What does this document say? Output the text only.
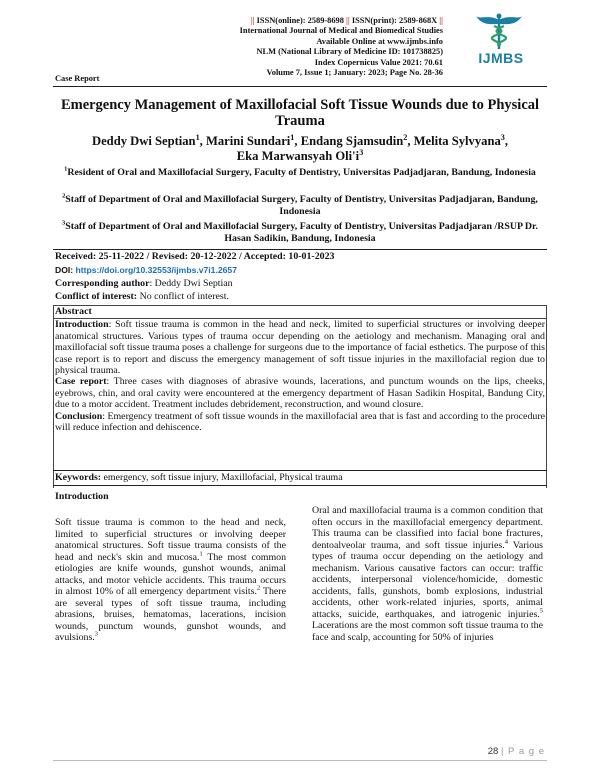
|| ISSN(online): 2589-8698 || ISSN(print): 2589-868X ||
International Journal of Medical and Biomedical Studies
Available Online at www.ijmbs.info
NLM (National Library of Medicine ID: 101738825)
Index Copernicus Value 2021: 70.61
Volume 7, Issue 1; January: 2023; Page No. 28-36
Case Report
IJMBS
Emergency Management of Maxillofacial Soft Tissue Wounds due to Physical Trauma
Deddy Dwi Septian$^1$, Marini Sundari$^1$, Endang Sjamsudin$^2$, Melita Sylvyana$^3$,
Eka Marwansyah $Oli'i^3$
$^1$Resident of Oral and Maxillofacial Surgery, Faculty of Dentistry, Universitas Padjadjaran, Bandung, Indonesia
$^2$Staff of Department of Oral and Maxillofacial Surgery, Faculty of Dentistry, Universitas Padjadjaran, Bandung, Indonesia
$^3$Staff of Department of Oral and Maxillofacial Surgery, Faculty of Dentistry, Universitas Padjadjaran /RSUP Dr. Hasan Sadikin, Bandung, Indonesia
Received: 25-11-2022 / Revised: 20-12-2022 / Accepted: 10-01-2023
DOI: https://doi.org/10.32553/ijmbs.v7i1.2657
Corresponding author: Deddy Dwi Septian
Conflict of interest: No conflict of interest.

Abstract

Introduction: Soft tissue trauma is common in the head and neck, limited to superficial structures or involving deeper anatomical structures. Various types of trauma occur depending on the aetiology and mechanism. Managing oral and maxillofacial soft tissue trauma poses a challenge for surgeons due to the importance of facial esthetics. The purpose of this case report is to report and discuss the emergency management of soft tissue injuries in the maxillofacial region due to physical trauma.

Case report: Three cases with diagnoses of abrasive wounds, lacerations, and punctum wounds on the lips, cheeks, eyebrows, chin, and oral cavity were encountered at the emergency department of Hasan Sadikin Hospital, Bandung City, due to a motor accident. Treatment includes debridement, reconstruction, and wound closure.

Conclusion: Emergency treatment of soft tissue wounds in the maxillofacial area that is fast and according to the procedure will reduce infection and dehiscence.

Keywords: emergency, soft tissue injury, Maxillofacial, Physical trauma
Introduction

Soft tissue trauma is common to the head and neck, limited to superficial structures or involving deeper anatomical structures. Soft tissue trauma consists of the head and neck's skin and mucosa.$^1$ The most common etiologies are knife wounds, gunshot wounds, animal attacks, and motor vehicle accidents. This trauma occurs in almost 10% of all emergency department visits.$^2$ There are several types of soft tissue trauma, including abrasions, bruises, hematomas, lacerations, incision wounds, punctum wounds, gunshot wounds, and avulsions.$^3$

Oral and maxillofacial trauma is a common condition that often occurs in the maxillofacial emergency department. This trauma can be classified into facial bone fractures, dentoalveolar trauma, and soft tissue injuries.$^4$ Various types of trauma occur depending on the aetiology and mechanism. Various causative factors can occur: traffic accidents, interpersonal violence/homicide, domestic accidents, falls, gunshots, bomb explosions, industrial accidents, other work-related injuries, sports, animal attacks, suicide, earthquakes, and iatrogenic injuries.$^5$ Lacerations are the most common soft tissue trauma to the face and scalp, accounting for 50% of injuries

28 | P a g e
